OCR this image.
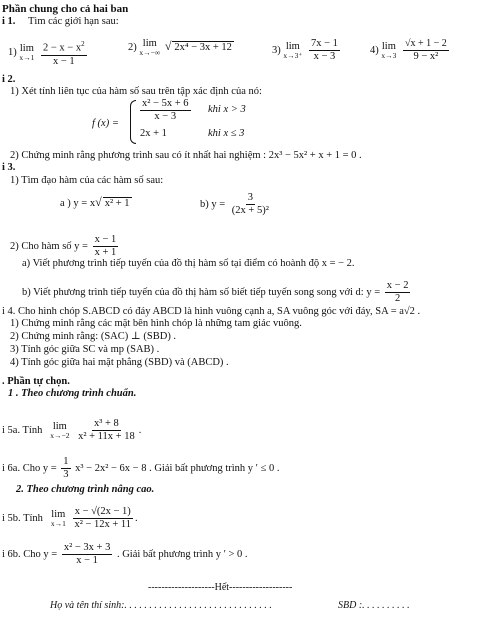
Phần chung cho cả hai ban
i 1. Tìm các giới hạn sau:
1) lim
x→1
$\frac{2 - x - x^2}{x - 1}$	2) lim
x→−∞ √ 2x⁴ − 3x + 12	3) lim
x→3⁺
$\frac{7x - 1}{x - 3}$	4) lim
x→3
$\frac{√x + 1 - 2}{\text{9 − x²}}$
i 2.
1) Xét tính liên tục của hàm số sau trên tập xác định của nó:
f (x) =
$\frac{\text{x² − 5x + 6}}{x - 3}$ khi x > 3
2x + 1	khi x ≤ 3
2) Chứng minh rằng phương trình sau có ít nhất hai nghiệm : 2x³ − 5x² + x + 1 = 0 .
i 3.
1) Tìm đạo hàm của các hàm số sau:
a ) y = x√ x² + 1	b) $y = \frac{3}{\text{(2x + 5)²}}$
2) Cho hàm số $y = \frac{x - 1}{x + 1}$
a) Viết phương trình tiếp tuyến của đồ thị hàm số tại điểm có hoành độ x = − 2.
b) Viết phương trình tiếp tuyến của đồ thị hàm số biết tiếp tuyến song song với d: $y = \frac{x - 2}{2}$
i 4. Cho hình chóp S.ABCD có đáy ABCD là hình vuông cạnh a, SA vuông góc với đáy, SA = a√2 .
1) Chứng minh rằng các mặt bên hình chóp là những tam giác vuông.
2) Chứng minh rằng: (SAC) ⊥ (SBD) .
3) Tính góc giữa SC và mp (SAB) .
4) Tính góc giữa hai mặt phẳng (SBD) và (ABCD) .
. Phần tự chọn.
1 . Theo chương trình chuẩn.
i 5a. Tính lim
x→−2
$\frac{\text{x³ + 8}}{\text{x² + 11x + 18}}$ .
i 6a. Cho $y = \frac{1}{3} x^3 - 2x^2 - 6x - 8$ . Giải bất phương trình y ′ ≤ 0 .
2. Theo chương trình nâng cao.
i 5b. Tính lim
x→1
$\frac{x - √(2x - 1)}{\text{x² − 12x + 11}}$ .
i 6b. Cho $y = \frac{\text{x² − 3x + 3}}{x - 1}$ . Giải bất phương trình y ′ > 0 .
--------------------Hết-------------------
Họ và tên thí sinh:. . . . . . . . . . . . . . . . . . . . . . . . . . . . . .	SBD :. . . . . . . . . .
